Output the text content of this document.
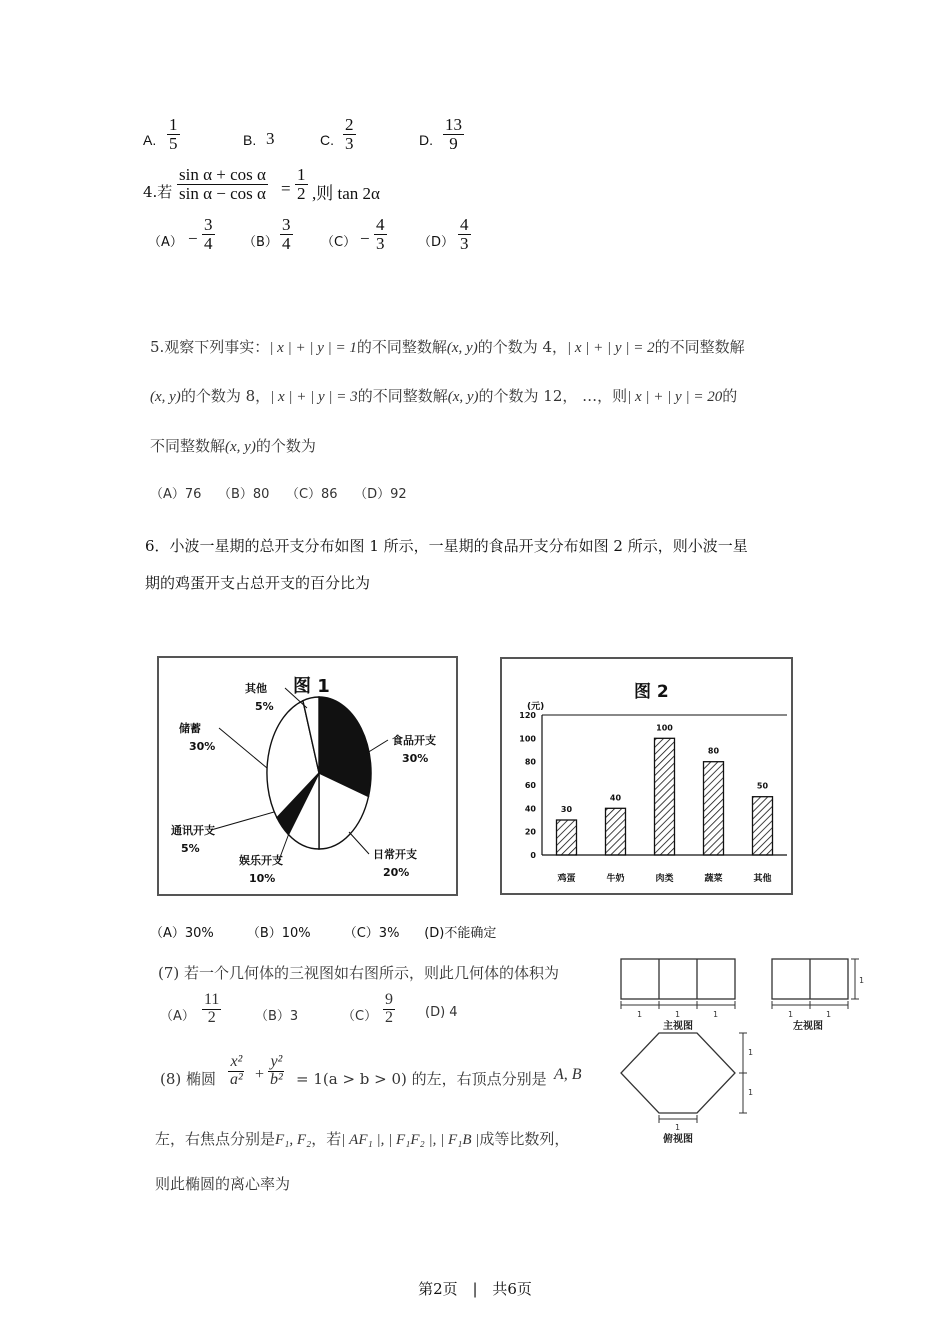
A. $\frac{1}{5}$	B. 3	C. $\frac{2}{3}$	D. $\frac{13}{9}$
4.若 $\frac{\text{sin α + cos α}}{\text{sin α − cos α}} = \frac{1}{2}$ ,则 tan 2α
$(A) - \frac{3}{4} (B) \frac{3}{4} (C) - \frac{4}{3} (D) \frac{4}{3}$
5.观察下列事实：| x | + | y | = 1的不同整数解(x, y)的个数为 4，| x | + | y | = 2的不同整数解
(x, y)的个数为 8，| x | + | y | = 3的不同整数解(x, y)的个数为 12， …，则| x | + | y | = 20的
不同整数解(x, y)的个数为
（A）76    （B）80    （C）86    （D）92
6．小波一星期的总开支分布如图 1 所示，一星期的食品开支分布如图 2 所示，则小波一星
期的鸡蛋开支占总开支的百分比为
图 1
食品开支
30%
日常开支
20%
娱乐开支
10%
通讯开支
5%
储蓄
30%
其他
5%
图 2
(元)
0
20
40
60
80
100
120
30
鸡蛋
40
牛奶
100
肉类
80
蔬菜
50
其他
（A）30%        （B）10%        （C）3%      (D)不能确定
(7) 若一个几何体的三视图如右图所示，则此几何体的体积为
$(A) \frac{11}{2}$	（B）3	$(C) \frac{9}{2} (D)$ 4	1	1	1
主视图
1	1
1
左视图
1
1
1
俯视图
(8) 椭圆 $\frac{\text{x²}}{\text{a²}} + \frac{\text{y²}}{\text{b²}} = 1(a > b > 0)$ 的左，右顶点分别是 A, B
左，右焦点分别是F₁, F₂，若| AF₁ |, | F₁F₂ |, | F₁B |成等比数列，
则此椭圆的离心率为
第2页 | 共6页
